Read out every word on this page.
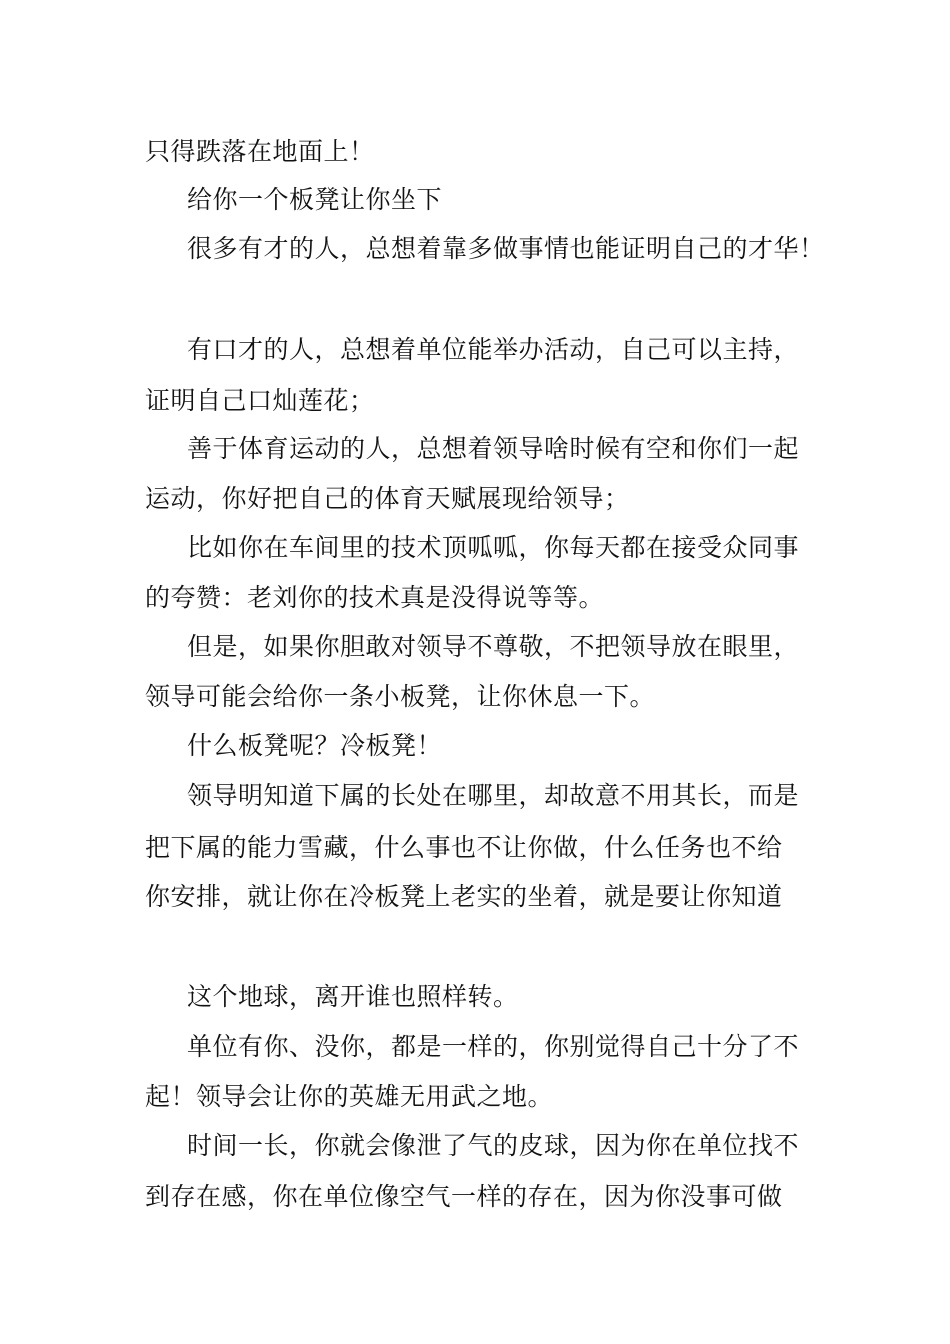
只得跌落在地面上！
给你一个板凳让你坐下
很多有才的人，总想着靠多做事情也能证明自己的才华！
有口才的人，总想着单位能举办活动，自己可以主持，
证明自己口灿莲花；
善于体育运动的人，总想着领导啥时候有空和你们一起
运动，你好把自己的体育天赋展现给领导；
比如你在车间里的技术顶呱呱，你每天都在接受众同事
的夸赞：老刘你的技术真是没得说等等。
但是，如果你胆敢对领导不尊敬，不把领导放在眼里，
领导可能会给你一条小板凳，让你休息一下。
什么板凳呢？冷板凳！
领导明知道下属的长处在哪里，却故意不用其长，而是
把下属的能力雪藏，什么事也不让你做，什么任务也不给
你安排，就让你在冷板凳上老实的坐着，就是要让你知道
这个地球，离开谁也照样转。
单位有你、没你，都是一样的，你别觉得自己十分了不
起！领导会让你的英雄无用武之地。
时间一长，你就会像泄了气的皮球，因为你在单位找不
到存在感，你在单位像空气一样的存在，因为你没事可做
